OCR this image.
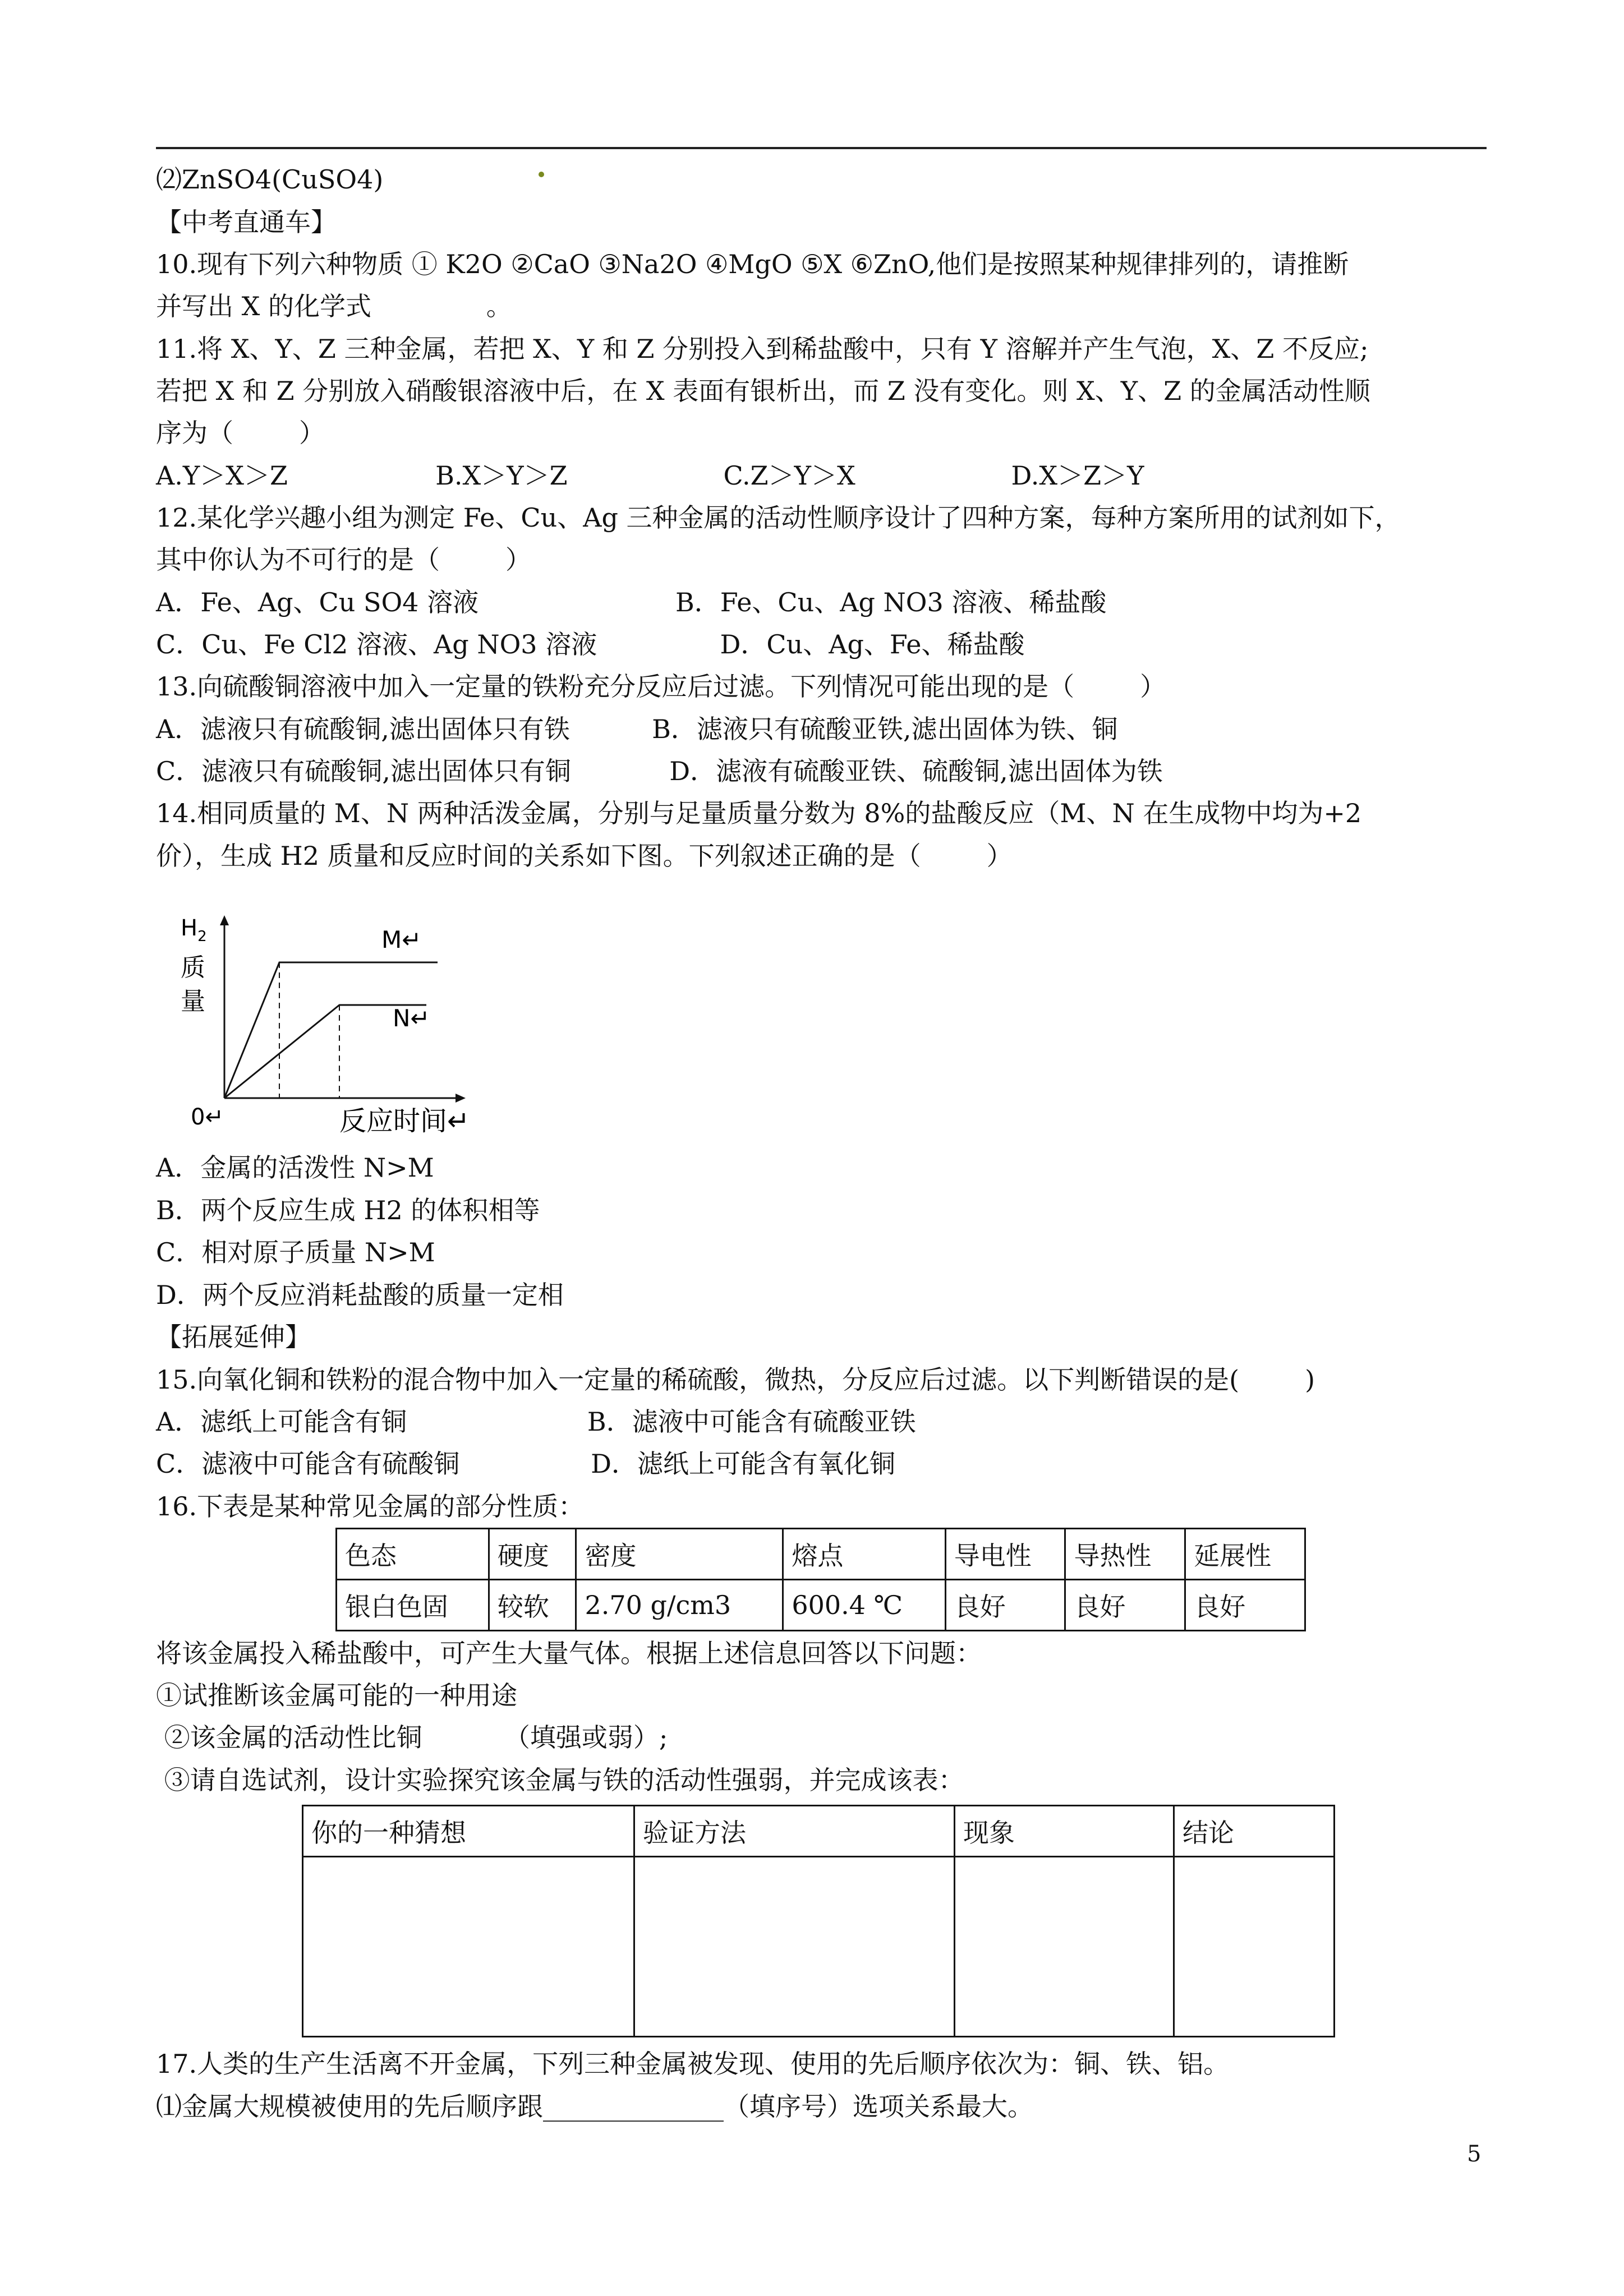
⑵ZnSO4(CuSO4)
【中考直通车】
10.现有下列六种物质 ① K2O ②CaO ③Na2O ④MgO ⑤X ⑥ZnO,他们是按照某种规律排列的，请推断
并写出 X 的化学式              。
11.将 X、Y、Z 三种金属，若把 X、Y 和 Z 分别投入到稀盐酸中，只有 Y 溶解并产生气泡，X、Z 不反应;
若把 X 和 Z 分别放入硝酸银溶液中后，在 X 表面有银析出，而 Z 没有变化。则 X、Y、Z 的金属活动性顺
序为（        ）
A.Y＞X＞Z                  B.X＞Y＞Z                   C.Z＞Y＞X                   D.X＞Z＞Y
12.某化学兴趣小组为测定 Fe、Cu、Ag 三种金属的活动性顺序设计了四种方案，每种方案所用的试剂如下，
其中你认为不可行的是（        ）
A．Fe、Ag、Cu SO4 溶液                        B．Fe、Cu、Ag NO3 溶液、稀盐酸
C．Cu、Fe Cl2 溶液、Ag NO3 溶液               D．Cu、Ag、Fe、稀盐酸
13.向硫酸铜溶液中加入一定量的铁粉充分反应后过滤。下列情况可能出现的是（        ）
A．滤液只有硫酸铜,滤出固体只有铁          B．滤液只有硫酸亚铁,滤出固体为铁、铜
C．滤液只有硫酸铜,滤出固体只有铜            D．滤液有硫酸亚铁、硫酸铜,滤出固体为铁
14.相同质量的 M、N 两种活泼金属，分别与足量质量分数为 8%的盐酸反应（M、N 在生成物中均为+2
价），生成 H2 质量和反应时间的关系如下图。下列叙述正确的是（        ）
$H_2$
质
量
M↵
N↵
0↵	反应时间↵
A．金属的活泼性 N>M
B．两个反应生成 H2 的体积相等
C．相对原子质量 N>M
D．两个反应消耗盐酸的质量一定相
【拓展延伸】
15.向氧化铜和铁粉的混合物中加入一定量的稀硫酸，微热，分反应后过滤。以下判断错误的是(        )
A．滤纸上可能含有铜                      B．滤液中可能含有硫酸亚铁
C．滤液中可能含有硫酸铜                D．滤纸上可能含有氧化铜
16.下表是某种常见金属的部分性质：
色态	硬度	密度	熔点	导电性	导热性	延展性
银白色固	较软	2.70 g/cm3	600.4 ℃	良好	良好	良好
将该金属投入稀盐酸中，可产生大量气体。根据上述信息回答以下问题：
①试推断该金属可能的一种用途
②该金属的活动性比铜          （填强或弱）;
③请自选试剂，设计实验探究该金属与铁的活动性强弱，并完成该表：
你的一种猜想	验证方法	现象	结论

17.人类的生产生活离不开金属，下列三种金属被发现、使用的先后顺序依次为：铜、铁、铝。
⑴金属大规模被使用的先后顺序跟______________（填序号）选项关系最大。
5
